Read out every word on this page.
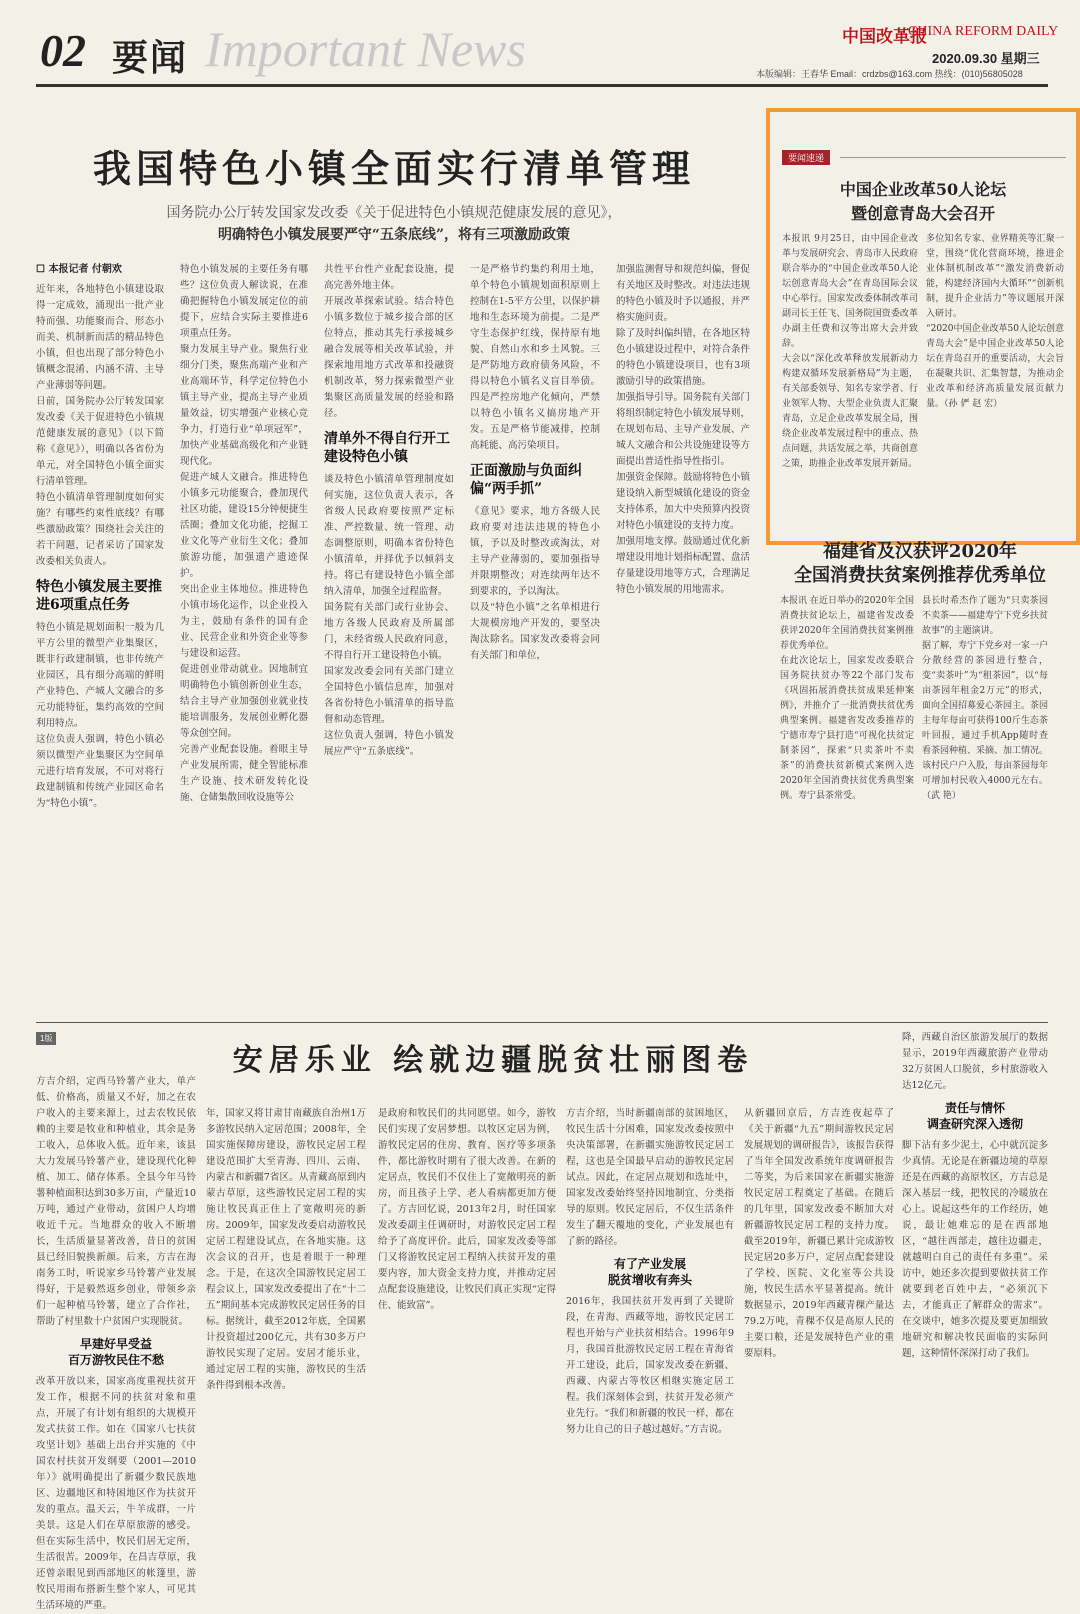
02 要闻 Important News	中国改革报
CHINA REFORM DAILY
2020.09.30 星期三
本版编辑：王春华 Email：crdzbs@163.com 热线：(010)56805028
我国特色小镇全面实行清单管理
国务院办公厅转发国家发改委《关于促进特色小镇规范健康发展的意见》，
明确特色小镇发展要严守“五条底线”，将有三项激励政策
☐ 本报记者 付朝欢

近年来，各地特色小镇建设取得一定成效，涌现出一批产业特而强、功能聚而合、形态小而美、机制新而活的精品特色小镇，但也出现了部分特色小镇概念混淆、内涵不清、主导产业薄弱等问题。

日前，国务院办公厅转发国家发改委《关于促进特色小镇规范健康发展的意见》（以下简称《意见》），明确以各省份为单元，对全国特色小镇全面实行清单管理。

特色小镇清单管理制度如何实施？有哪些约束性底线？有哪些激励政策？围绕社会关注的若干问题，记者采访了国家发改委相关负责人。

特色小镇发展主要推进6项重点任务

特色小镇是规划面积一般为几平方公里的微型产业集聚区，既非行政建制镇，也非传统产业园区，具有细分高端的鲜明产业特色、产城人文融合的多元功能特征，集约高效的空间利用特点。

这位负责人强调，特色小镇必须以微型产业集聚区为空间单元进行培育发展，不可对将行政建制镇和传统产业园区命名为“特色小镇”。

特色小镇发展的主要任务有哪些？这位负责人解读说，在准确把握特色小镇发展定位的前提下，应结合实际主要推进6项重点任务。

聚力发展主导产业。聚焦行业细分门类，聚焦高端产业和产业高端环节，科学定位特色小镇主导产业，提高主导产业质量效益，切实增强产业核心竞争力，打造行业“单项冠军”，加快产业基础高级化和产业链现代化。

促进产城人文融合。推进特色小镇多元功能聚合，叠加现代社区功能，建设15分钟便捷生活圈；叠加文化功能，挖掘工业文化等产业衍生文化；叠加旅游功能，加强遗产遗迹保护。

突出企业主体地位。推进特色小镇市场化运作，以企业投入为主，鼓励有条件的国有企业、民营企业和外资企业等参与建设和运营。

促进创业带动就业。因地制宜明确特色小镇创新创业生态，结合主导产业加强创业就业技能培训服务，发展创业孵化器等众创空间。

完善产业配套设施。着眼主导产业发展所需，健全智能标准生产设施、技术研发转化设施、仓储集散回收设施等公

共性平台性产业配套设施，提高完善外地主体。

开展改革探索试验。结合特色小镇多数位于城乡接合部的区位特点，推动其先行承接城乡融合发展等相关改革试验，并探索地用地方式改革和投融资机制改革，努力探索微型产业集聚区高质量发展的经验和路径。

清单外不得自行开工建设特色小镇

谈及特色小镇清单管理制度如何实施，这位负责人表示，各省级人民政府要按照严定标准、严控数量、统一管理、动态调整原则，明确本省份特色小镇清单，并择优予以倾斜支持。将已有建设特色小镇全部纳入清单，加强全过程监督。

国务院有关部门或行业协会、地方各级人民政府及所属部门，未经省级人民政府同意，不得自行开工建设特色小镇。

国家发改委会同有关部门建立全国特色小镇信息库，加强对各省份特色小镇清单的指导监督和动态管理。

这位负责人强调，特色小镇发展应严守“五条底线”。

一是严格节约集约利用土地，单个特色小镇规划面积原则上控制在1-5平方公里，以保护耕地和生态环境为前提。二是严守生态保护红线，保持原有地貌、自然山水和乡土风貌。三是严防地方政府债务风险，不得以特色小镇名义盲目举债。四是严控房地产化倾向，严禁以特色小镇名义搞房地产开发。五是严格节能减排，控制高耗能、高污染项目。

正面激励与负面纠偏“两手抓”

《意见》要求，地方各级人民政府要对违法违规的特色小镇，予以及时整改或淘汰，对主导产业薄弱的，要加强指导并限期整改；对连续两年达不到要求的，予以淘汰。

以及“特色小镇”之名单相进行大规模房地产开发的，要坚决淘汰除名。国家发改委将会同有关部门和单位，

加强监测督导和规范纠偏，督促有关地区及时整改。对违法违规的特色小镇及时予以通报，并严格实施问责。

除了及时纠偏纠错，在各地区特色小镇建设过程中，对符合条件的特色小镇建设项目，也有3项激励引导的政策措施。

加强指导引导。国务院有关部门将组织制定特色小镇发展导则，在规划布局、主导产业发展、产城人文融合和公共设施建设等方面提出普适性指导性指引。

加强资金保障。鼓励将特色小镇建设纳入新型城镇化建设的资金支持体系，加大中央预算内投资对特色小镇建设的支持力度。

加强用地支撑。鼓励通过优化新增建设用地计划指标配置、盘活存量建设用地等方式，合理满足特色小镇发展的用地需求。

要闻速递
中国企业改革50人论坛
暨创意青岛大会召开

本报讯 9月25日，由中国企业改革与发展研究会、青岛市人民政府联合举办的“中国企业改革50人论坛创意青岛大会”在青岛国际会议中心举行。国家发改委体制改革司副司长王任飞、国务院国资委改革办副主任费和汉等出席大会并致辞。

大会以“深化改革释放发展新动力 构建双循环发展新格局”为主题，有关部委领导、知名专家学者、行业领军人物、大型企业负责人汇聚青岛，立足企业改革发展全局，围绕企业改革发展过程中的重点、热点问题，共话发展之举，共商创意之策，助推企业改革发展开新局。

多位知名专家、业界精英等汇聚一堂，围绕“优化营商环境，推进企业体制机制改革”“激发消费新动能，构建经济国内大循环”“创新机制，提升企业活力”等议题展开深入研讨。

“2020中国企业改革50人论坛创意青岛大会”是中国企业改革50人论坛在青岛召开的重要活动，大会旨在凝聚共识、汇集智慧，为推动企业改革和经济高质量发展贡献力量。（孙 俨 赵 宏）

福建省及汉获评2020年
全国消费扶贫案例推荐优秀单位

本报讯 在近日举办的2020年全国消费扶贫论坛上，福建省发改委获评2020年全国消费扶贫案例推荐优秀单位。

在此次论坛上，国家发改委联合国务院扶贫办等22个部门发布《巩固拓展消费扶贫成果延伸案例》，并推介了一批消费扶贫优秀典型案例。福建省发改委推荐的宁德市寿宁县打造“可视化扶贫定制茶园”，探索“只卖茶叶不卖茶”的消费扶贫新模式案例入选2020年全国消费扶贫优秀典型案例。寿宁县茶常受。

县长时希杰作了题为“只卖茶园不卖茶——福建寿宁下党乡扶贫故事”的主题演讲。

据了解，寿宁下党乡对一家一户分散经营的茶园进行整合，变“卖茶叶”为“租茶园”，以“每亩茶园年租金2万元”的形式，面向全国招募爱心茶园主。茶园主每年每亩可获得100斤生态茶叶回报，通过手机App随时查看茶园种植、采摘、加工情况。该村民户户入股，每亩茶园每年可增加村民收入4000元左右。（武 艳）

1版
安居乐业 绘就边疆脱贫壮丽图卷

方吉介绍，定西马铃薯产业大，单产低、价格高，质量又不好，加之在农户收入的主要来源上，过去农牧民依赖的主要是牧业和种植业，其余是务工收入，总体收入低。近年来，该县大力发展马铃薯产业，建设现代化种植、加工、储存体系。全县今年马铃薯种植面积达到30多万亩，产量近10万吨，通过产业带动，贫困户人均增收近千元。当地群众的收入不断增长，生活质量显著改善，昔日的贫困县已经旧貌换新颜。后来，方吉在海南务工时，听说家乡马铃薯产业发展得好，于是毅然返乡创业，带领乡亲们一起种植马铃薯，建立了合作社，帮助了村里数十户贫困户实现脱贫。

早建好早受益
百万游牧民住不愁

改革开放以来，国家高度重视扶贫开发工作，根据不同的扶贫对象和重点，开展了有计划有组织的大规模开发式扶贫工作。如在《国家八七扶贫攻坚计划》基础上出台并实施的《中国农村扶贫开发纲要（2001—2010年）》就明确提出了新疆少数民族地区、边疆地区和特困地区作为扶贫开发的重点。温天云，牛羊成群，一片美景。这是人们在草原旅游的感受。但在实际生活中，牧民们居无定所，生活很苦。2009年，在昌吉草原，我还曾亲眼见到西部地区的帐篷里，游牧民用雨布搭新生整个家人，可见其生活环境的严重。

年，国家又将甘肃甘南藏族自治州1万多游牧民纳入定居范围；2008年，全国实施保障房建设，游牧民定居工程建设范围扩大至青海、四川、云南、内蒙古和新疆7省区。从青藏高原到内蒙古草原，这些游牧民定居工程的实施让牧民真正住上了宽敞明亮的新房。2009年，国家发改委启动游牧民定居工程建设试点，在各地实施。这次会议的召开，也是着眼于一种理念。于是，在这次全国游牧民定居工程会议上，国家发改委提出了在“十二五”期间基本完成游牧民定居任务的目标。据统计，截至2012年底，全国累计投资超过200亿元，共有30多万户游牧民实现了定居。安居才能乐业，通过定居工程的实施，游牧民的生活条件得到根本改善。

是政府和牧民们的共同愿望。如今，游牧民们实现了安居梦想。以牧区定居为例，游牧民定居的住房、教育、医疗等多项条件，都比游牧时期有了很大改善。在新的定居点，牧民们不仅住上了宽敞明亮的新房，而且孩子上学、老人看病都更加方便了。方吉回忆说，2013年2月，时任国家发改委副主任调研时，对游牧民定居工程给予了高度评价。此后，国家发改委等部门又将游牧民定居工程纳入扶贫开发的重要内容，加大资金支持力度，并推动定居点配套设施建设，让牧民们真正实现“定得住、能致富”。

方吉介绍，当时新疆南部的贫困地区，牧民生活十分困难，国家发改委按照中央决策部署，在新疆实施游牧民定居工程，这也是全国最早启动的游牧民定居试点。因此，在定居点规划和选址中，国家发改委始终坚持因地制宜、分类指导的原则。牧民定居后，不仅生活条件发生了翻天覆地的变化，产业发展也有了新的路径。

有了产业发展
脱贫增收有奔头

2016年，我国扶贫开发再到了关键阶段，在青海、西藏等地，游牧民定居工程也开始与产业扶贫相结合。1996年9月，我国首批游牧民定居工程在青海省开工建设，此后，国家发改委在新疆、西藏、内蒙古等牧区相继实施定居工程。我们深刻体会到，扶贫开发必须产业先行。“我们和新疆的牧民一样，都在努力让自己的日子越过越好。”方吉说。

从新疆回京后，方吉连夜起草了《关于新疆“九五”期间游牧民定居发展规划的调研报告》，该报告获得了当年全国发改系统年度调研报告二等奖，为后来国家在新疆实施游牧民定居工程奠定了基础。在随后的几年里，国家发改委不断加大对新疆游牧民定居工程的支持力度。截至2019年，新疆已累计完成游牧民定居20多万户，定居点配套建设了学校、医院、文化室等公共设施，牧民生活水平显著提高。统计数据显示，2019年西藏青稞产量达79.2万吨，青稞不仅是高原人民的主要口粮，还是发展特色产业的重要原料。

降，西藏自治区旅游发展厅的数据显示，2019年西藏旅游产业带动32万贫困人口脱贫，乡村旅游收入达12亿元。

责任与情怀
调查研究深入透彻

脚下沾有多少泥土，心中就沉淀多少真情。无论是在新疆边境的草原还是在西藏的高原牧区，方吉总是深入基层一线，把牧民的冷暖放在心上。说起这些年的工作经历，她说，最让她难忘的是在西部地区，“越往西部走，越往边疆走，就越明白自己的责任有多重”。采访中，她还多次提到要做扶贫工作就要到老百姓中去，“必须沉下去，才能真正了解群众的需求”。在交谈中，她多次提及要更加细致地研究和解决牧民面临的实际问题，这种情怀深深打动了我们。
